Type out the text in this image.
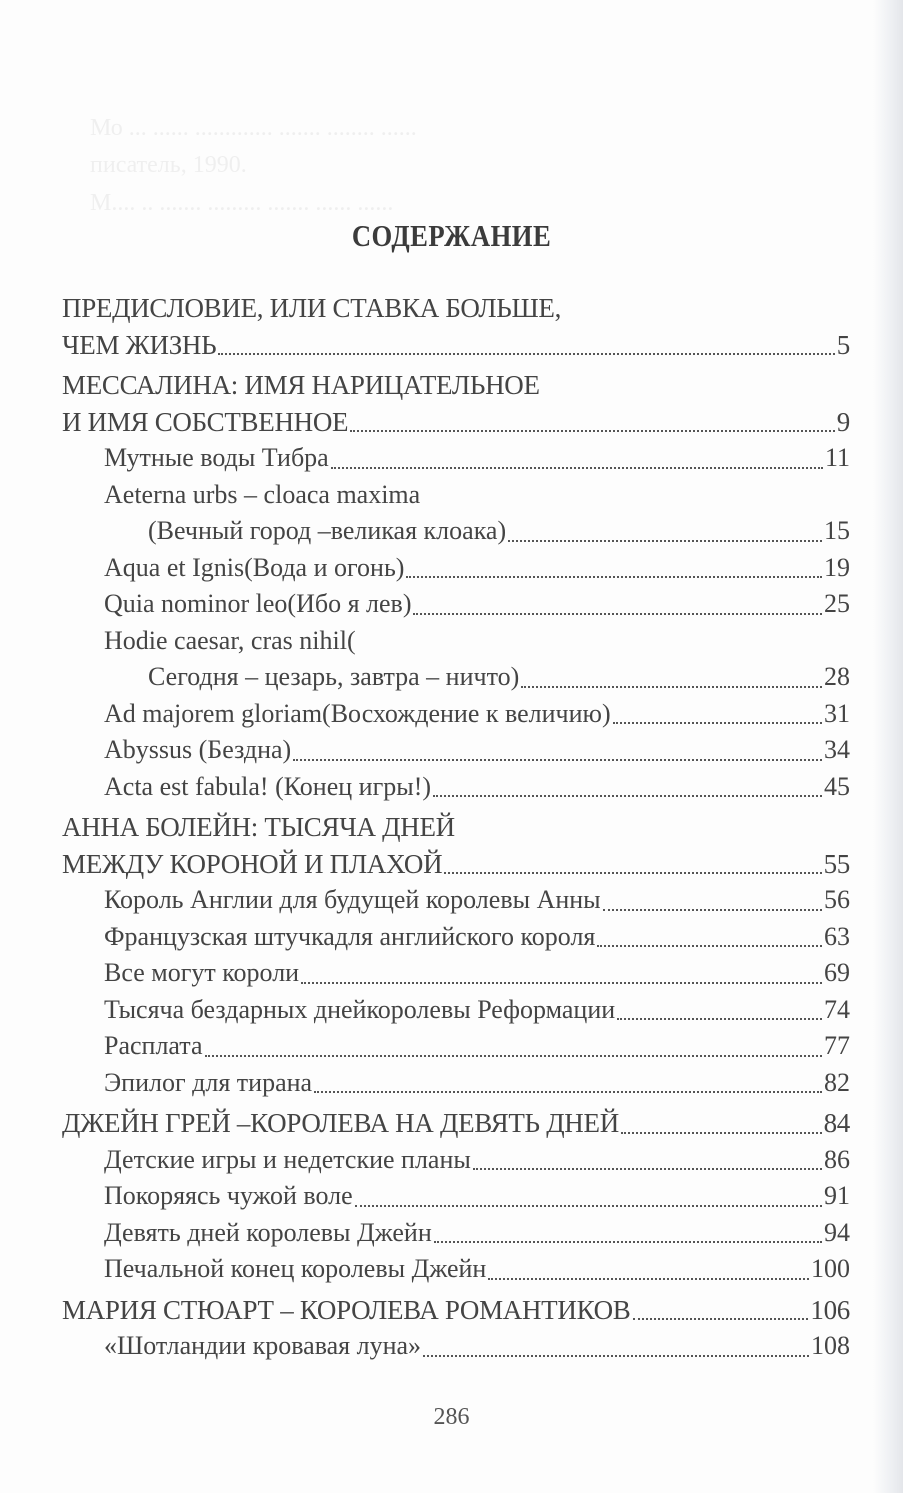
Мо ... ...... ............. ....... ........ ......
писатель, 1990.
М.... .. ....... ......... ....... ...... ......
СОДЕРЖАНИЕ
ПРЕДИСЛОВИЕ, ИЛИ СТАВКА БОЛЬШЕ,
ЧЕМ ЖИЗНЬ	5
МЕССАЛИНА: ИМЯ НАРИЦАТЕЛЬНОЕ
И ИМЯ СОБСТВЕННОЕ	9
Мутные воды Тибра	11
Aeterna urbs – cloaca maxima
(Вечный город –великая клоака)	15
Aqua et Ignis(Вода и огонь)	19
Quia nominor leo(Ибо я лев)	25
Hodie caesar, cras nihil(
Сегодня – цезарь, завтра – ничто)	28
Ad majorem gloriam(Восхождение к величию)	31
Abyssus (Бездна)	34
Acta est fabula! (Конец игры!)	45
АННА БОЛЕЙН: ТЫСЯЧА ДНЕЙ
МЕЖДУ КОРОНОЙ И ПЛАХОЙ	55
Король Англии для будущей королевы Анны	56
Французская штучкадля английского короля	63
Все могут короли	69
Тысяча бездарных днейкоролевы Реформации	74
Расплата	77
Эпилог для тирана	82
ДЖЕЙН ГРЕЙ –КОРОЛЕВА НА ДЕВЯТЬ ДНЕЙ	84
Детские игры и недетские планы	86
Покоряясь чужой воле	91
Девять дней королевы Джейн	94
Печальной конец королевы Джейн	100
МАРИЯ СТЮАРТ – КОРОЛЕВА РОМАНТИКОВ	106
«Шотландии кровавая луна»	108
286
